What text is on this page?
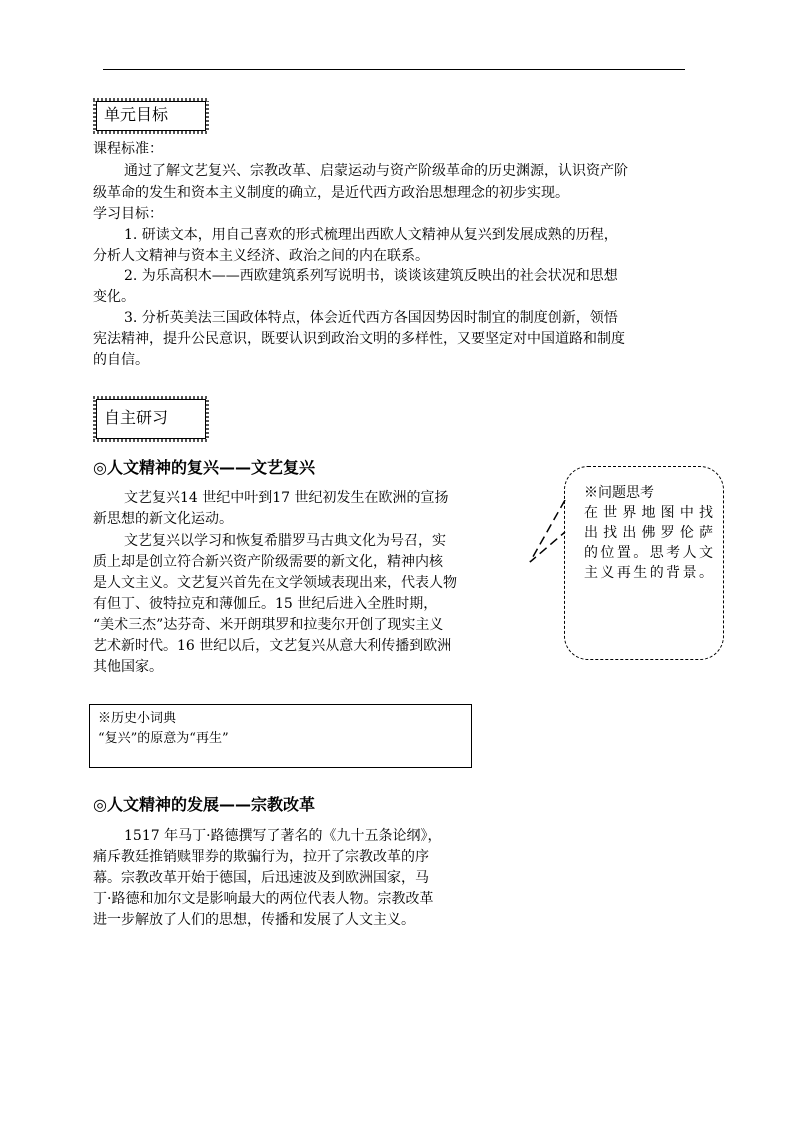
单元目标
课程标准：
通过了解文艺复兴、宗教改革、启蒙运动与资产阶级革命的历史渊源，认识资产阶
级革命的发生和资本主义制度的确立，是近代西方政治思想理念的初步实现。
学习目标：
1. 研读文本，用自己喜欢的形式梳理出西欧人文精神从复兴到发展成熟的历程，
分析人文精神与资本主义经济、政治之间的内在联系。
2. 为乐高积木——西欧建筑系列写说明书，谈谈该建筑反映出的社会状况和思想
变化。
3. 分析英美法三国政体特点，体会近代西方各国因势因时制宜的制度创新，领悟
宪法精神，提升公民意识，既要认识到政治文明的多样性，又要坚定对中国道路和制度
的自信。
自主研习
◎人文精神的复兴——文艺复兴
文艺复兴14 世纪中叶到17 世纪初发生在欧洲的宣扬
新思想的新文化运动。
文艺复兴以学习和恢复希腊罗马古典文化为号召，实
质上却是创立符合新兴资产阶级需要的新文化，精神内核
是人文主义。文艺复兴首先在文学领域表现出来，代表人物
有但丁、彼特拉克和薄伽丘。15 世纪后进入全胜时期，
“美术三杰”达芬奇、米开朗琪罗和拉斐尔开创了现实主义
艺术新时代。16 世纪以后，文艺复兴从意大利传播到欧洲
其他国家。
※问题思考
在世界地图中找
出找出佛罗伦萨
的位置。思考人文
主义再生的背景。
※历史小词典
“复兴”的原意为“再生”
◎人文精神的发展——宗教改革
1517 年马丁·路德撰写了著名的《九十五条论纲》，
痛斥教廷推销赎罪券的欺骗行为，拉开了宗教改革的序
幕。宗教改革开始于德国，后迅速波及到欧洲国家，马
丁·路德和加尔文是影响最大的两位代表人物。宗教改革
进一步解放了人们的思想，传播和发展了人文主义。
